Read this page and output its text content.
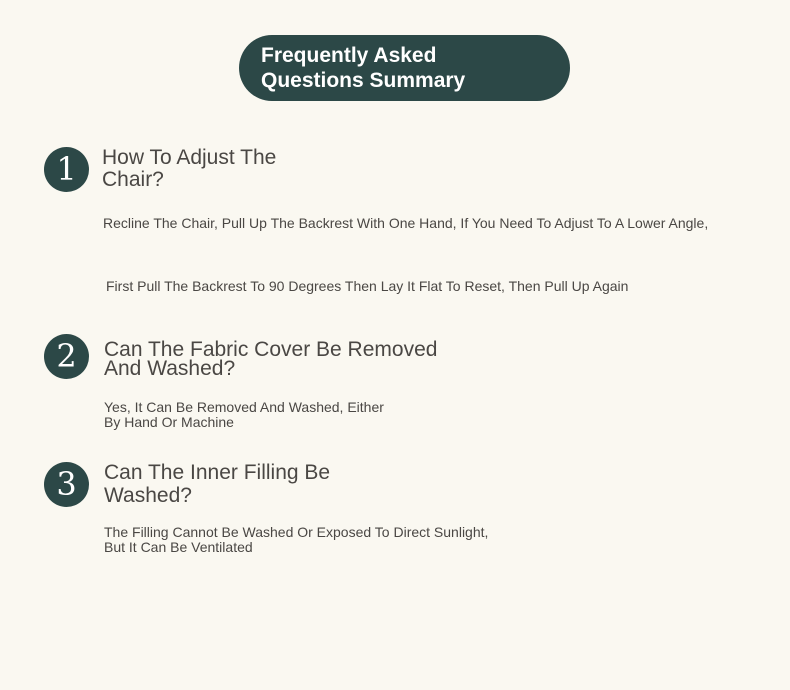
Frequently Asked
Questions Summary
1	How To Adjust The
Chair?
Recline The Chair, Pull Up The Backrest With One Hand, If You Need To Adjust To A Lower Angle,
First Pull The Backrest To 90 Degrees Then Lay It Flat To Reset, Then Pull Up Again
2	Can The Fabric Cover Be Removed
And Washed?
Yes, It Can Be Removed And Washed, Either
By Hand Or Machine
3	Can The Inner Filling Be
Washed?
The Filling Cannot Be Washed Or Exposed To Direct Sunlight,
But It Can Be Ventilated
